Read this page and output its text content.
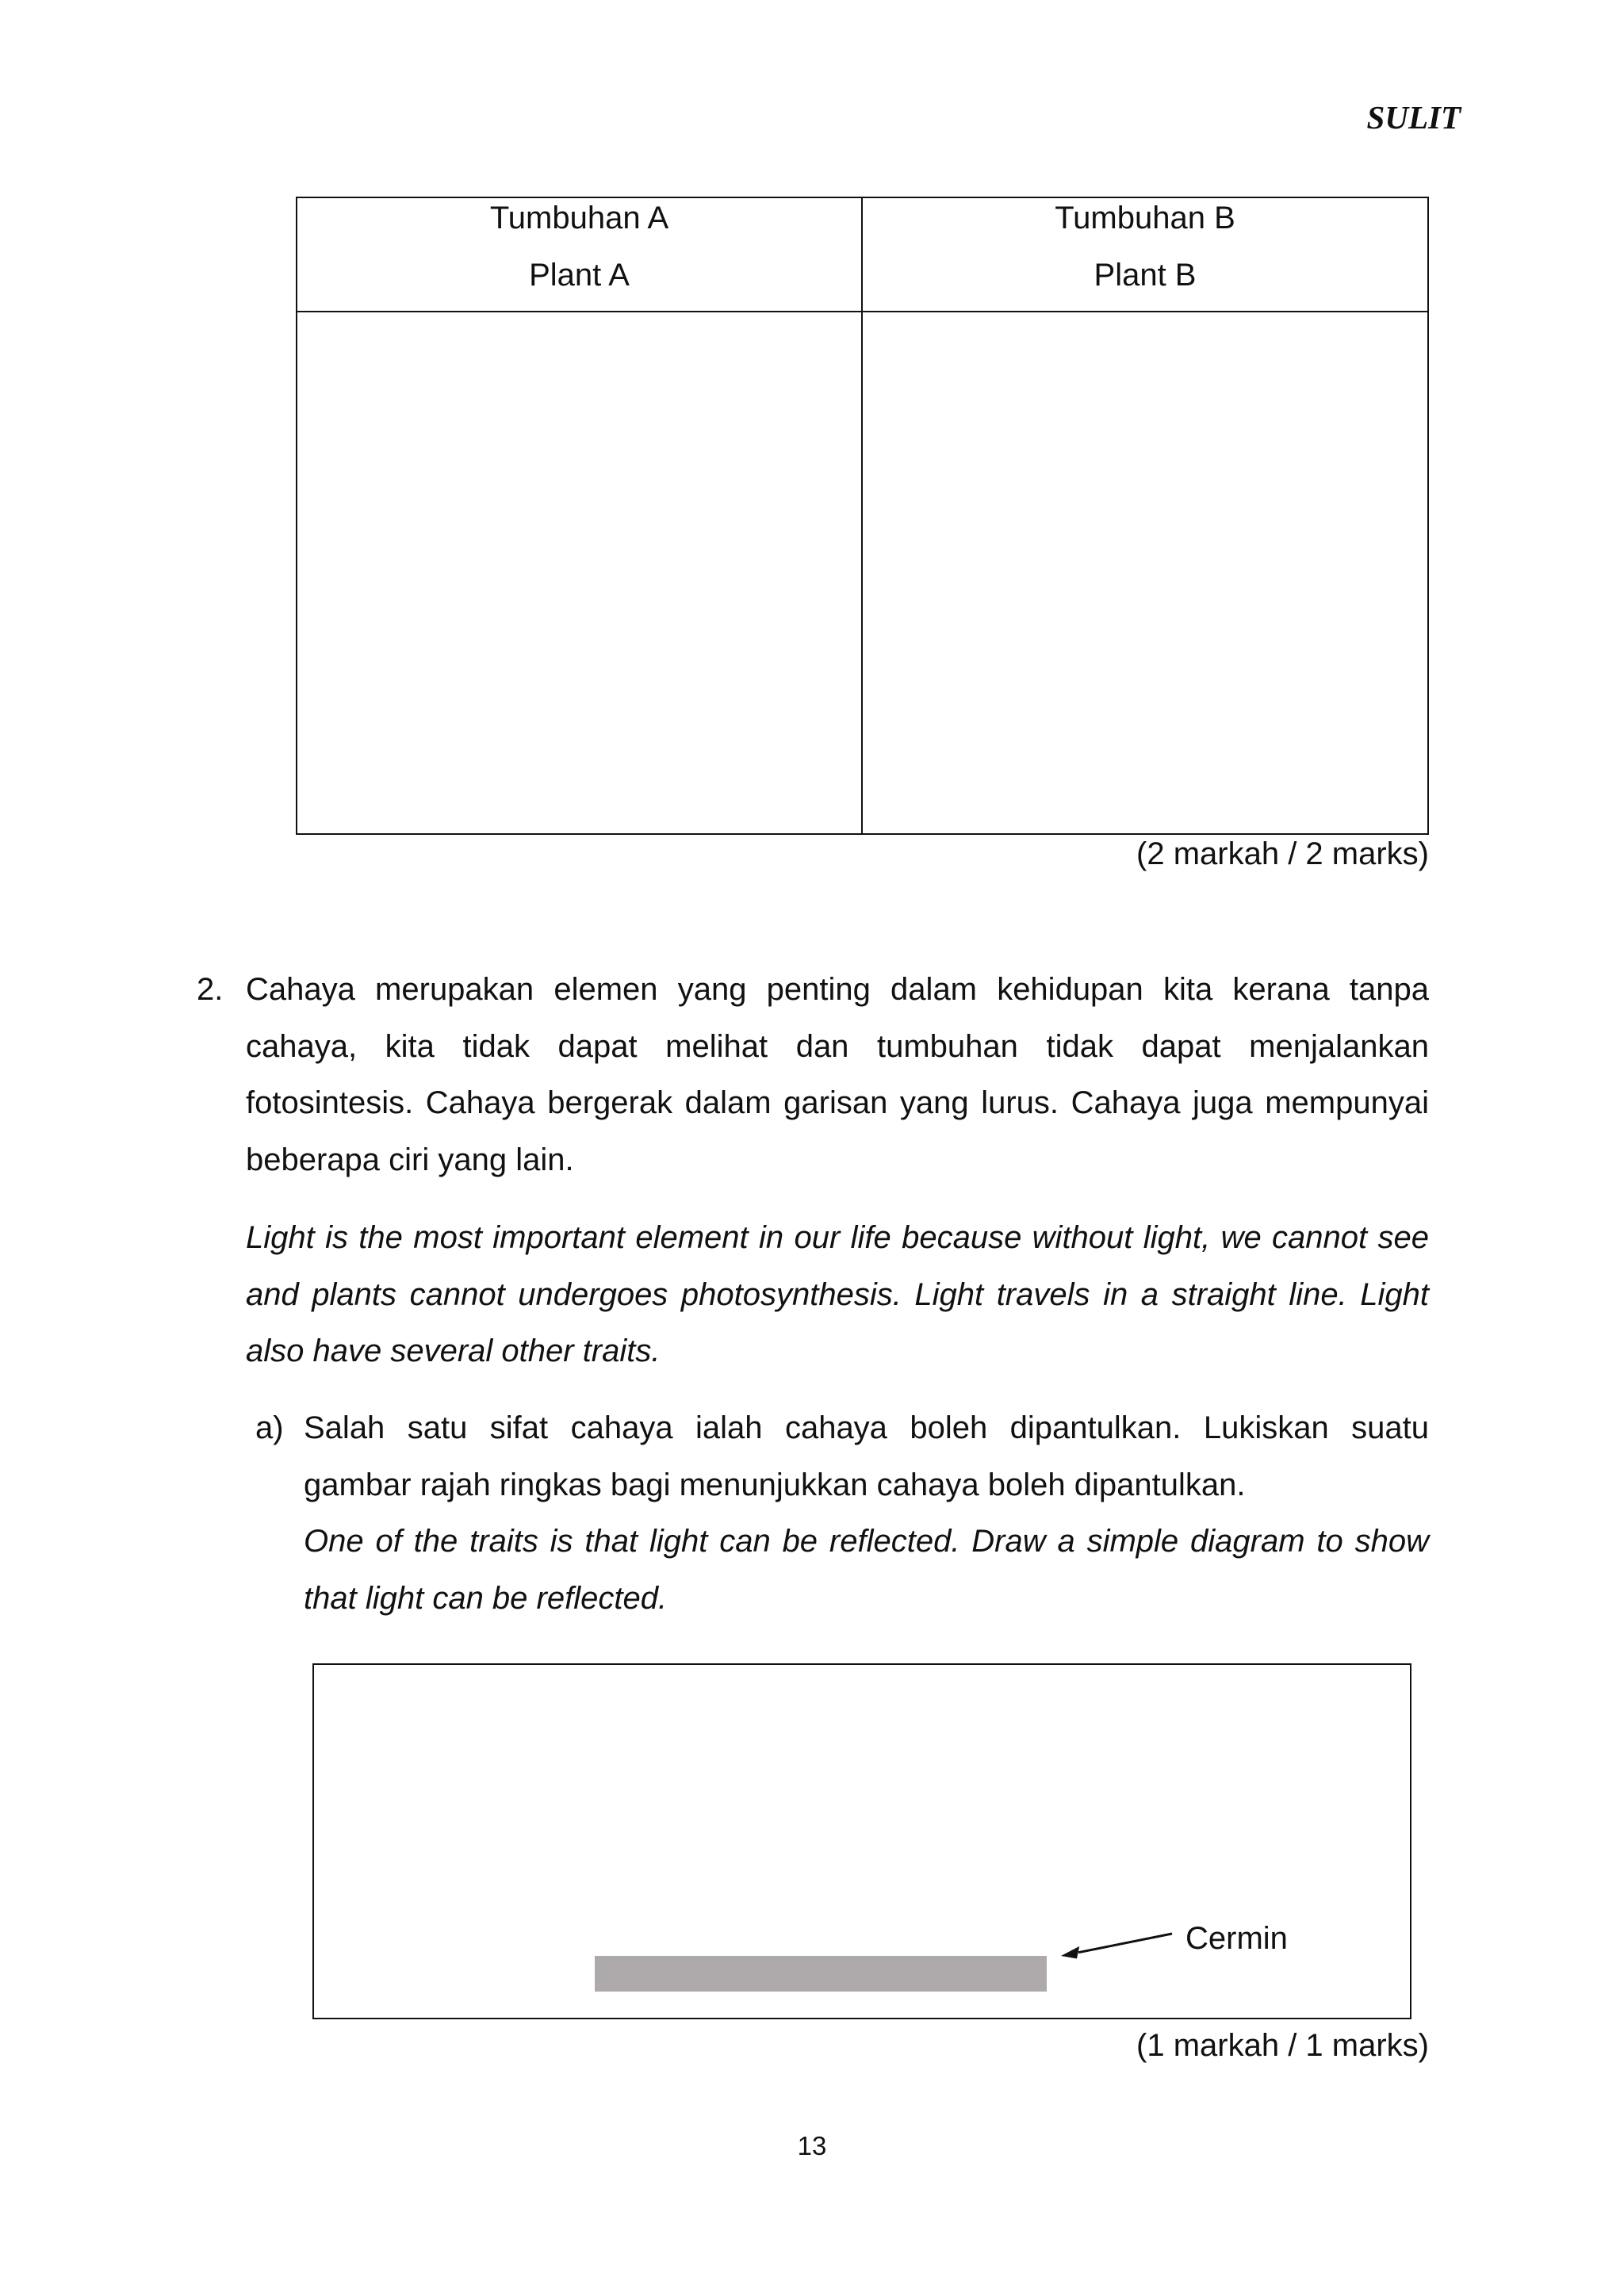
SULIT
Tumbuhan A
Plant A
Tumbuhan B
Plant B
(2 markah / 2 marks)
2. Cahaya merupakan elemen yang penting dalam kehidupan kita kerana tanpa
cahaya, kita tidak dapat melihat dan tumbuhan tidak dapat menjalankan
fotosintesis. Cahaya bergerak dalam garisan yang lurus. Cahaya juga mempunyai
beberapa ciri yang lain.
Light is the most important element in our life because without light, we cannot see
and plants cannot undergoes photosynthesis. Light travels in a straight line. Light
also have several other traits.
a) Salah satu sifat cahaya ialah cahaya boleh dipantulkan. Lukiskan suatu
gambar rajah ringkas bagi menunjukkan cahaya boleh dipantulkan.
One of the traits is that light can be reflected. Draw a simple diagram to show
that light can be reflected.
Cermin
(1 markah / 1 marks)
13
